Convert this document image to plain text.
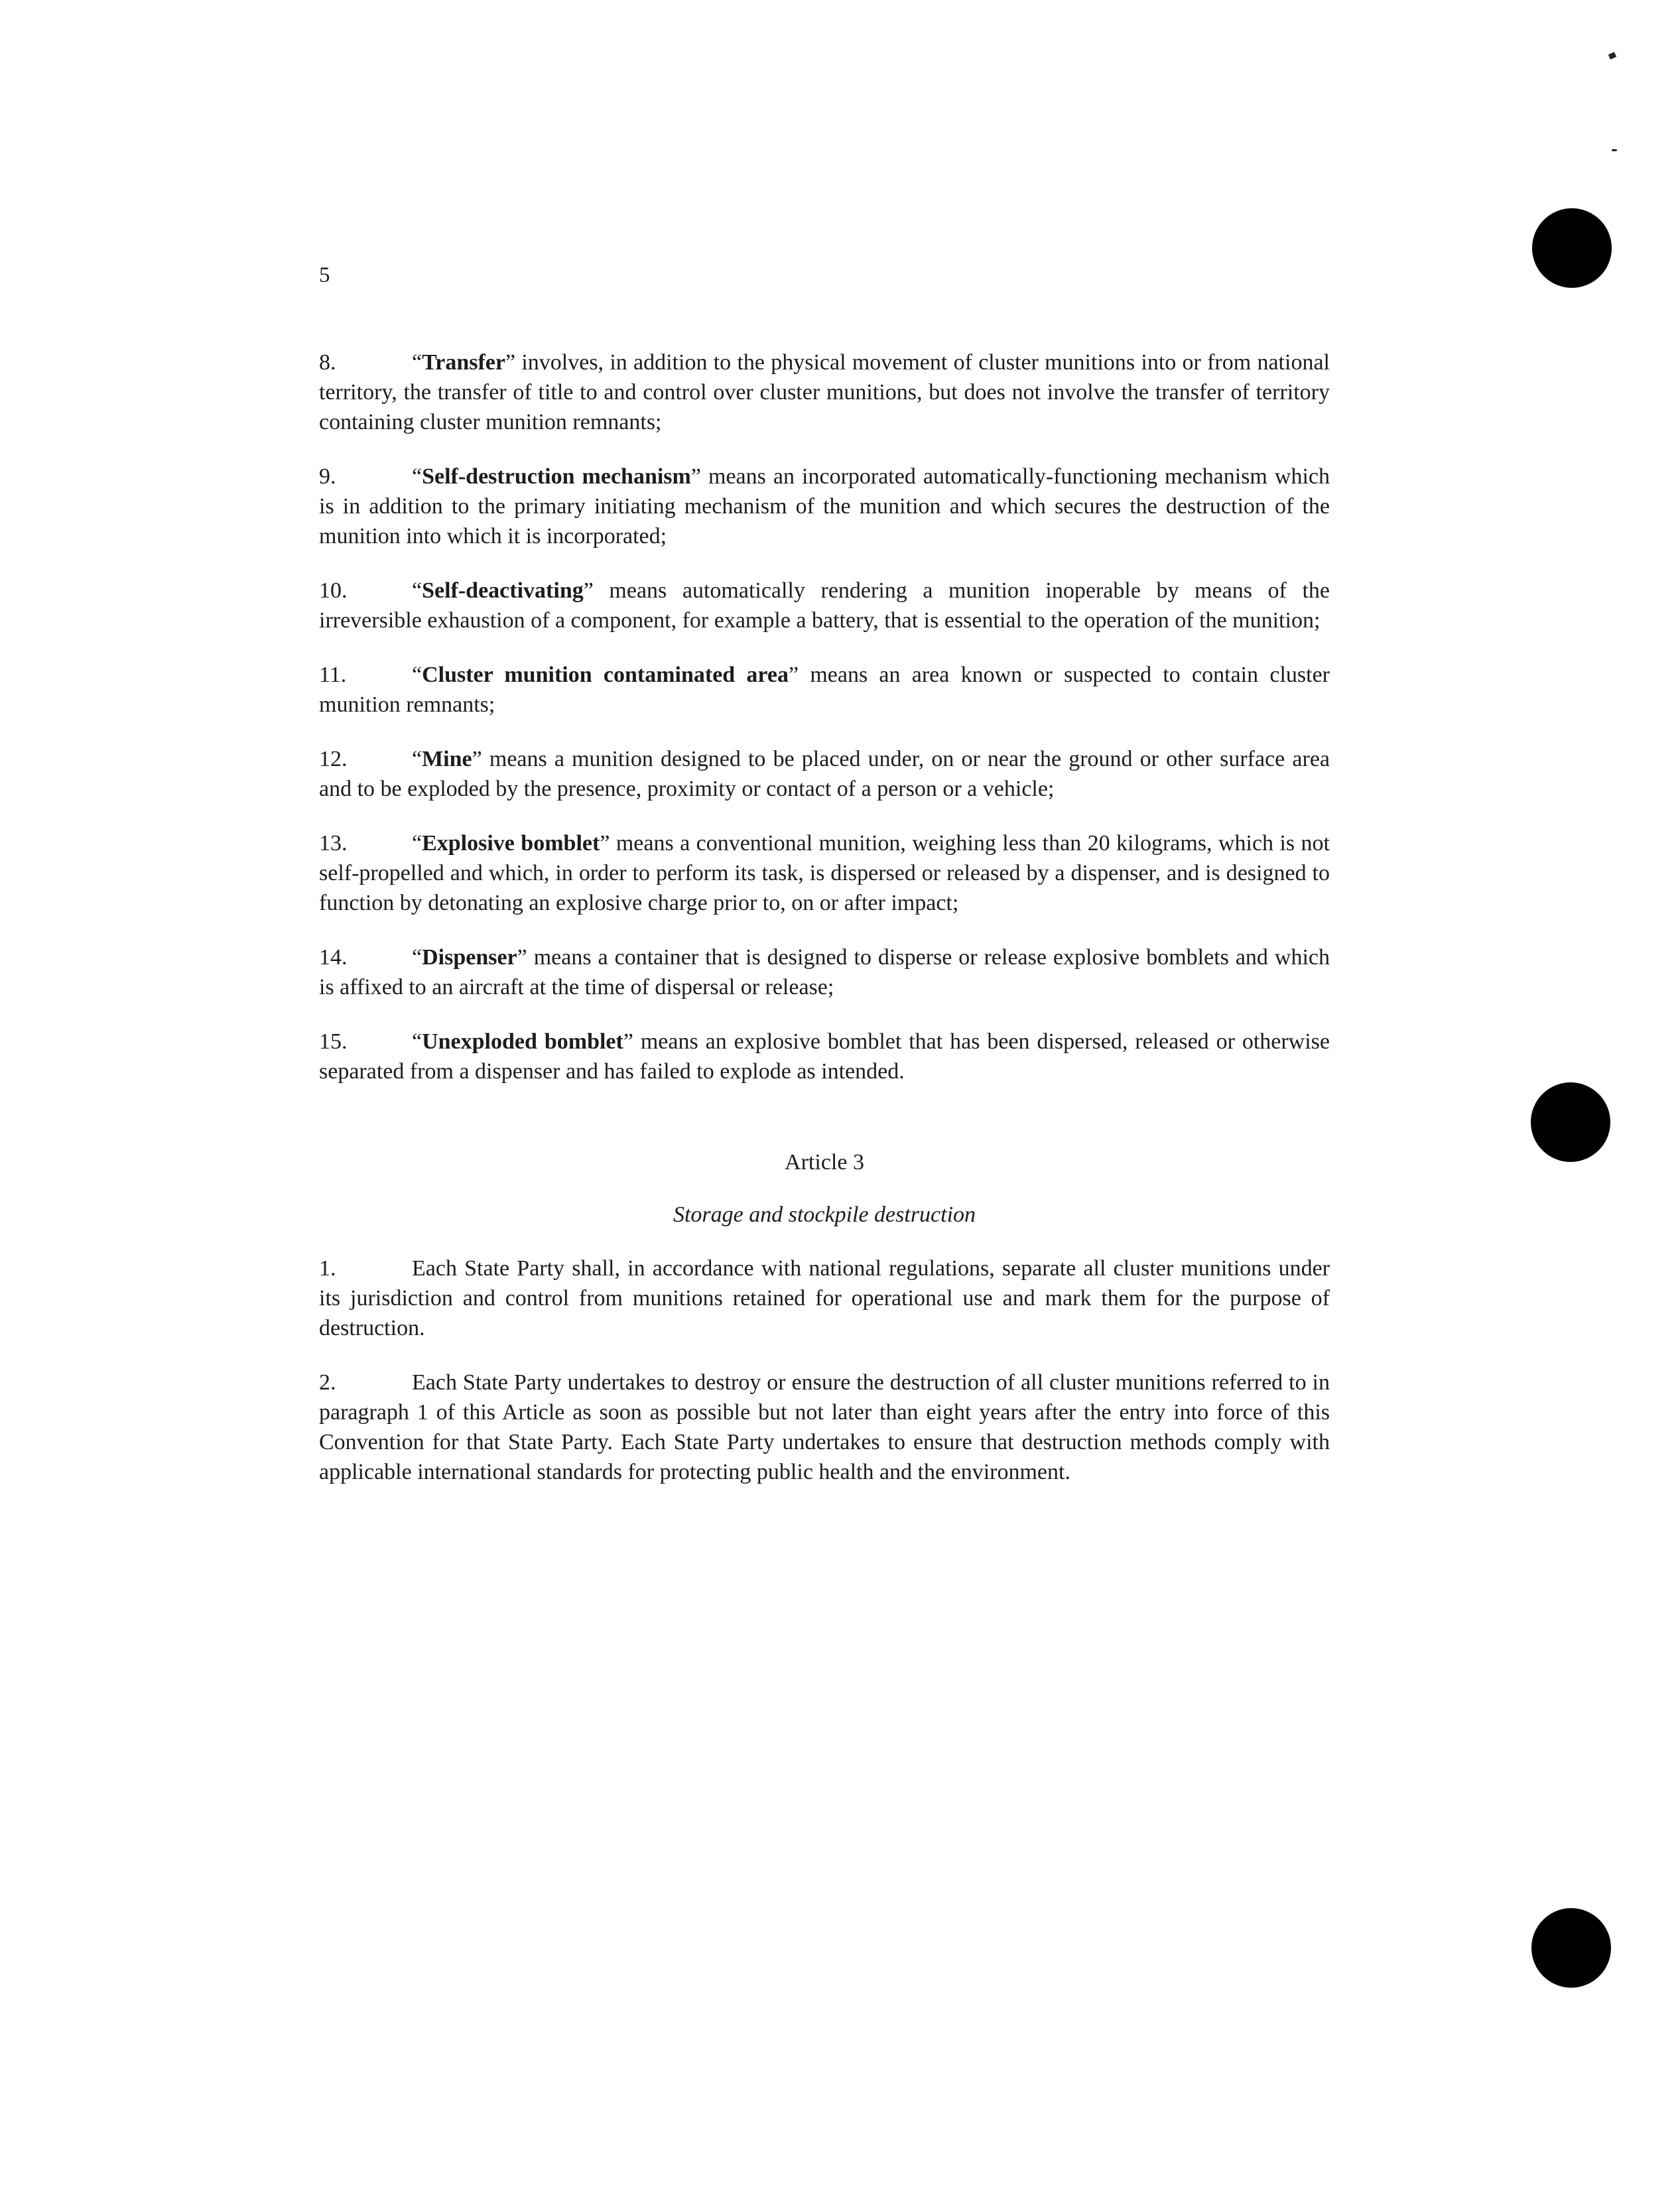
5

8.	“Transfer” involves, in addition to the physical movement of cluster munitions into or from national territory, the transfer of title to and control over cluster munitions, but does not involve the transfer of territory containing cluster munition remnants;

9.	“Self-destruction mechanism” means an incorporated automatically-functioning mechanism which is in addition to the primary initiating mechanism of the munition and which secures the destruction of the munition into which it is incorporated;

10.	“Self-deactivating” means automatically rendering a munition inoperable by means of the irreversible exhaustion of a component, for example a battery, that is essential to the operation of the munition;

11.	“Cluster munition contaminated area” means an area known or suspected to contain cluster munition remnants;

12.	“Mine” means a munition designed to be placed under, on or near the ground or other surface area and to be exploded by the presence, proximity or contact of a person or a vehicle;

13.	“Explosive bomblet” means a conventional munition, weighing less than 20 kilograms, which is not self-propelled and which, in order to perform its task, is dispersed or released by a dispenser, and is designed to function by detonating an explosive charge prior to, on or after impact;

14.	“Dispenser” means a container that is designed to disperse or release explosive bomblets and which is affixed to an aircraft at the time of dispersal or release;

15.	“Unexploded bomblet” means an explosive bomblet that has been dispersed, released or otherwise separated from a dispenser and has failed to explode as intended.

Article 3
Storage and stockpile destruction

1.	Each State Party shall, in accordance with national regulations, separate all cluster munitions under its jurisdiction and control from munitions retained for operational use and mark them for the purpose of destruction.

2.	Each State Party undertakes to destroy or ensure the destruction of all cluster munitions referred to in paragraph 1 of this Article as soon as possible but not later than eight years after the entry into force of this Convention for that State Party. Each State Party undertakes to ensure that destruction methods comply with applicable international standards for protecting public health and the environment.
